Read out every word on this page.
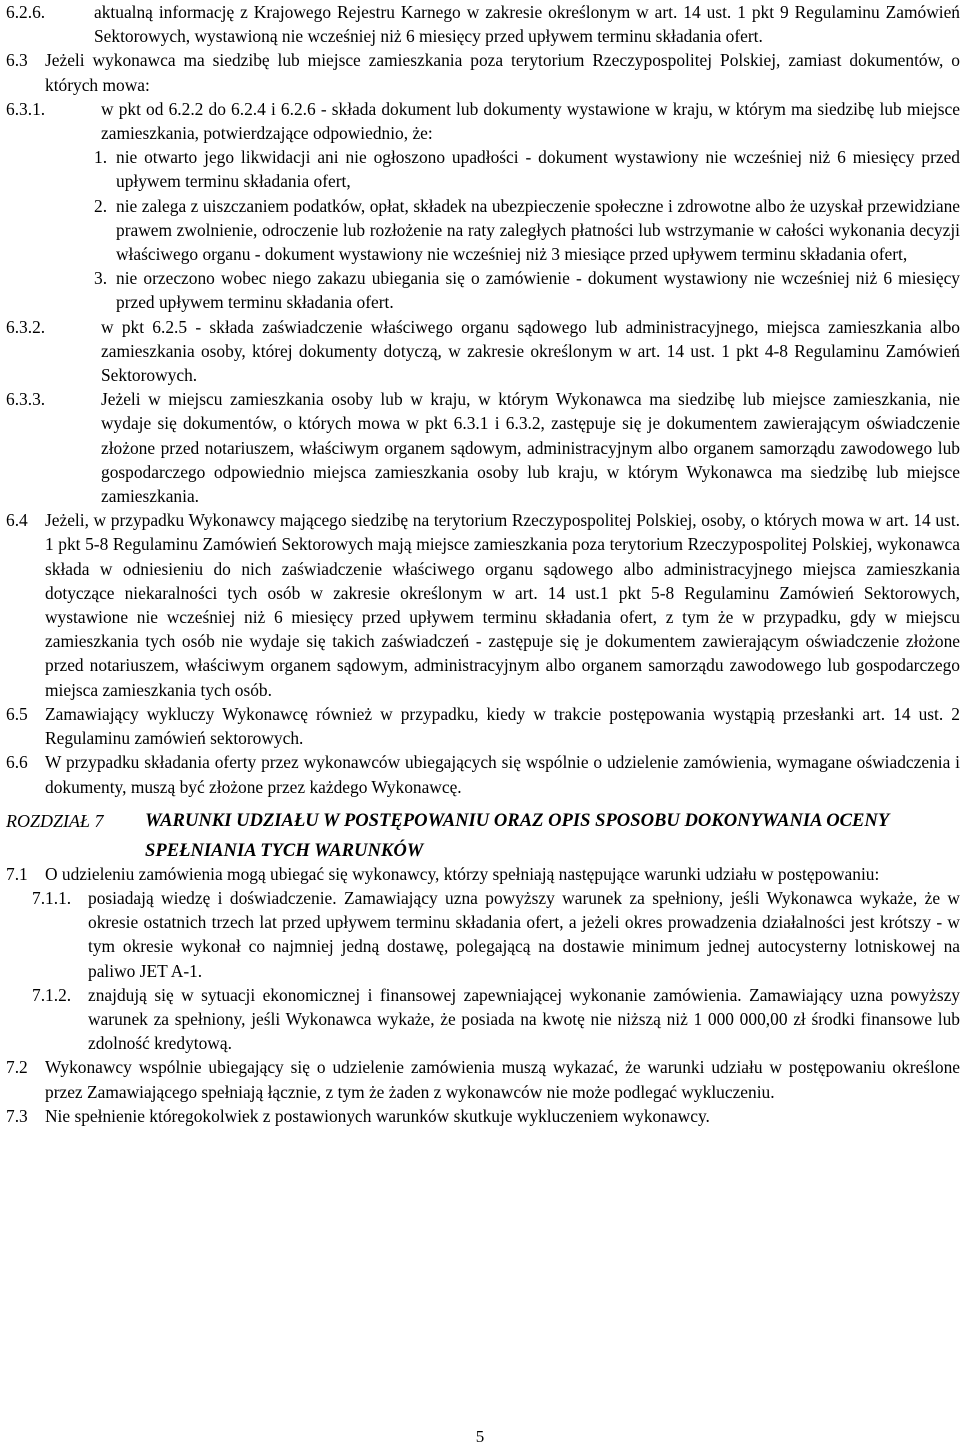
6.2.6.	aktualną informację z Krajowego Rejestru Karnego w zakresie określonym w art. 14 ust. 1 pkt 9 Regulaminu Zamówień Sektorowych, wystawioną nie wcześniej niż 6 miesięcy przed upływem terminu składania ofert.
6.3 Jeżeli wykonawca ma siedzibę lub miejsce zamieszkania poza terytorium Rzeczypospolitej Polskiej, zamiast dokumentów, o których mowa:
6.3.1.	w pkt od 6.2.2 do 6.2.4 i 6.2.6 - składa dokument lub dokumenty wystawione w kraju, w którym ma siedzibę lub miejsce zamieszkania, potwierdzające odpowiednio, że:
1. nie otwarto jego likwidacji ani nie ogłoszono upadłości - dokument wystawiony nie wcześniej niż 6 miesięcy przed upływem terminu składania ofert,
2. nie zalega z uiszczaniem podatków, opłat, składek na ubezpieczenie społeczne i zdrowotne albo że uzyskał przewidziane prawem zwolnienie, odroczenie lub rozłożenie na raty zaległych płatności lub wstrzymanie w całości wykonania decyzji właściwego organu - dokument wystawiony nie wcześniej niż 3 miesiące przed upływem terminu składania ofert,
3. nie orzeczono wobec niego zakazu ubiegania się o zamówienie - dokument wystawiony nie wcześniej niż 6 miesięcy przed upływem terminu składania ofert.
6.3.2.	w pkt 6.2.5 - składa zaświadczenie właściwego organu sądowego lub administracyjnego, miejsca zamieszkania albo zamieszkania osoby, której dokumenty dotyczą, w zakresie określonym w art. 14 ust. 1 pkt 4-8 Regulaminu Zamówień Sektorowych.
6.3.3.	Jeżeli w miejscu zamieszkania osoby lub w kraju, w którym Wykonawca ma siedzibę lub miejsce zamieszkania, nie wydaje się dokumentów, o których mowa w pkt 6.3.1 i 6.3.2, zastępuje się je dokumentem zawierającym oświadczenie złożone przed notariuszem, właściwym organem sądowym, administracyjnym albo organem samorządu zawodowego lub gospodarczego odpowiednio miejsca zamieszkania osoby lub kraju, w którym Wykonawca ma siedzibę lub miejsce zamieszkania.
6.4 Jeżeli, w przypadku Wykonawcy mającego siedzibę na terytorium Rzeczypospolitej Polskiej, osoby, o których mowa w art. 14 ust. 1 pkt 5-8 Regulaminu Zamówień Sektorowych mają miejsce zamieszkania poza terytorium Rzeczypospolitej Polskiej, wykonawca składa w odniesieniu do nich zaświadczenie właściwego organu sądowego albo administracyjnego miejsca zamieszkania dotyczące niekaralności tych osób w zakresie określonym w art. 14 ust.1 pkt 5-8 Regulaminu Zamówień Sektorowych, wystawione nie wcześniej niż 6 miesięcy przed upływem terminu składania ofert, z tym że w przypadku, gdy w miejscu zamieszkania tych osób nie wydaje się takich zaświadczeń - zastępuje się je dokumentem zawierającym oświadczenie złożone przed notariuszem, właściwym organem sądowym, administracyjnym albo organem samorządu zawodowego lub gospodarczego miejsca zamieszkania tych osób.
6.5 Zamawiający wykluczy Wykonawcę również w przypadku, kiedy w trakcie postępowania wystąpią przesłanki art. 14 ust. 2 Regulaminu zamówień sektorowych.
6.6 W przypadku składania oferty przez wykonawców ubiegających się wspólnie o udzielenie zamówienia, wymagane oświadczenia i dokumenty, muszą być złożone przez każdego Wykonawcę.
ROZDZIAŁ 7 WARUNKI UDZIAŁU W POSTĘPOWANIU ORAZ OPIS SPOSOBU DOKONYWANIA OCENY SPEŁNIANIA TYCH WARUNKÓW
7.1 O udzieleniu zamówienia mogą ubiegać się wykonawcy, którzy spełniają następujące warunki udziału w postępowaniu:
7.1.1. posiadają wiedzę i doświadczenie. Zamawiający uzna powyższy warunek za spełniony, jeśli Wykonawca wykaże, że w okresie ostatnich trzech lat przed upływem terminu składania ofert, a jeżeli okres prowadzenia działalności jest krótszy - w tym okresie wykonał co najmniej jedną dostawę, polegającą na dostawie minimum jednej autocysterny lotniskowej na paliwo JET A-1.
7.1.2. znajdują się w sytuacji ekonomicznej i finansowej zapewniającej wykonanie zamówienia. Zamawiający uzna powyższy warunek za spełniony, jeśli Wykonawca wykaże, że posiada na kwotę nie niższą niż 1 000 000,00 zł środki finansowe lub zdolność kredytową.
7.2 Wykonawcy wspólnie ubiegający się o udzielenie zamówienia muszą wykazać, że warunki udziału w postępowaniu określone przez Zamawiającego spełniają łącznie, z tym że żaden z wykonawców nie może podlegać wykluczeniu.
7.3 Nie spełnienie któregokolwiek z postawionych warunków skutkuje wykluczeniem wykonawcy.
5
